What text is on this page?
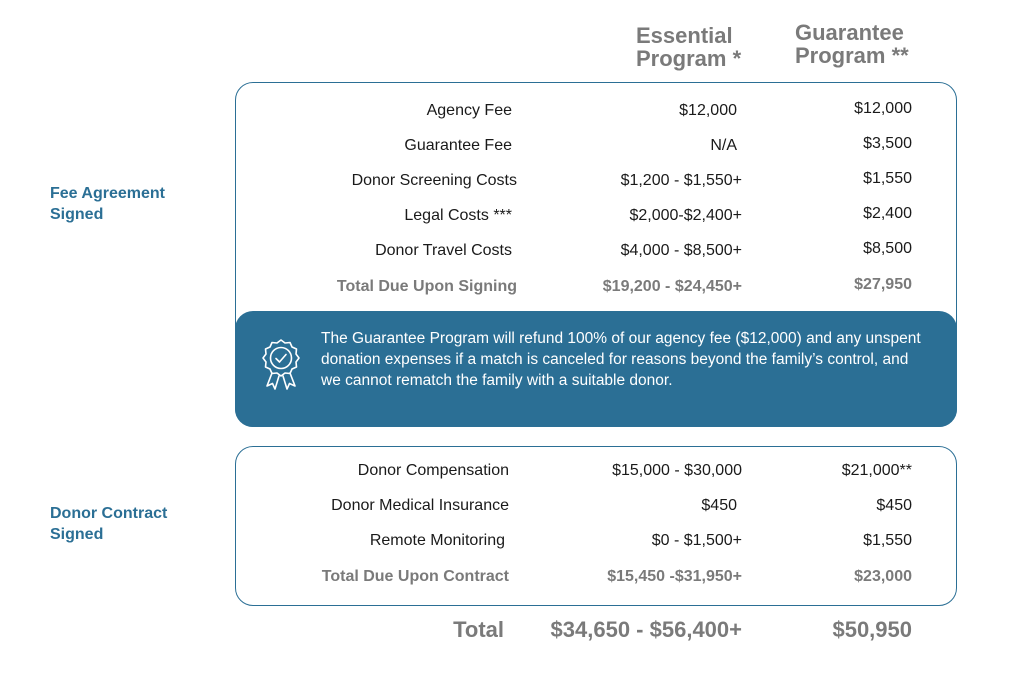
Essential
Program *
Guarantee
Program **
Fee Agreement
Signed
Agency Fee	$12,000	$12,000
Guarantee Fee	N/A	$3,500
Donor Screening Costs	$1,200 - $1,550+	$1,550
Legal Costs ***	$2,000-$2,400+	$2,400
Donor Travel Costs	$4,000 - $8,500+	$8,500
Total Due Upon Signing	$19,200 - $24,450+	$27,950
The Guarantee Program will refund 100% of our agency fee ($12,000) and any unspent donation expenses if a match is canceled for reasons beyond the family’s control, and we cannot rematch the family with a suitable donor.
Donor Contract
Signed
Donor Compensation	$15,000 - $30,000	$21,000**
Donor Medical Insurance	$450	$450
Remote Monitoring	$0 - $1,500+	$1,550
Total Due Upon Contract	$15,450 -$31,950+	$23,000
Total $34,650 - $56,400+	$50,950
